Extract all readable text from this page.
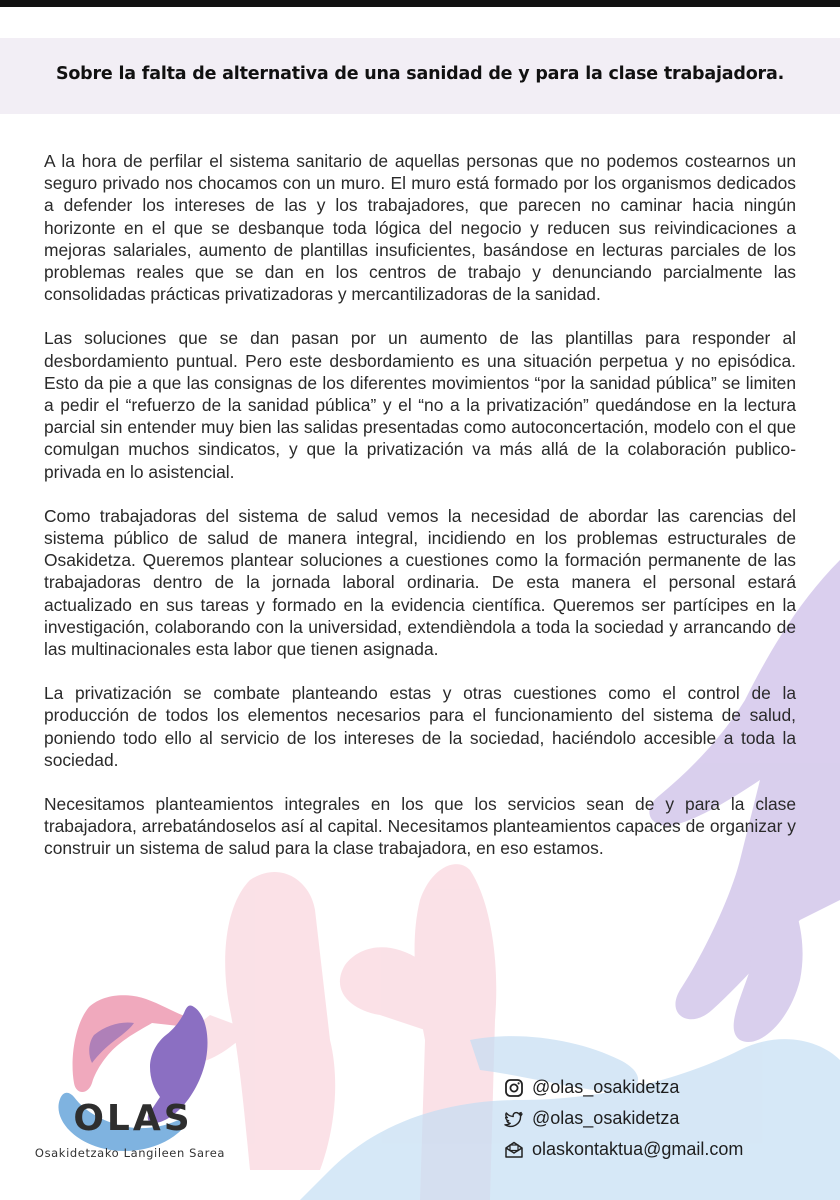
Sobre la falta de alternativa de una sanidad de y para la clase trabajadora.

A la hora de perfilar el sistema sanitario de aquellas personas que no podemos costearnos un seguro privado nos chocamos con un muro. El muro está formado por los organismos dedicados a defender los intereses de las y los trabajadores, que parecen no caminar hacia ningún horizonte en el que se desbanque toda lógica del negocio y reducen sus reivindicaciones a mejoras salariales, aumento de plantillas insuficientes, basándose en lecturas parciales de los problemas reales que se dan en los centros de trabajo y denunciando parcialmente las consolidadas prácticas privatizadoras y mercantilizadoras de la sanidad.

Las soluciones que se dan pasan por un aumento de las plantillas para responder al desbordamiento puntual. Pero este desbordamiento es una situación perpetua y no episódica. Esto da pie a que las consignas de los diferentes movimientos “por la sanidad pública” se limiten a pedir el “refuerzo de la sanidad pública” y el “no a la privatización” quedándose en la lectura parcial sin entender muy bien las salidas presentadas como autoconcertación, modelo con el que comulgan muchos sindicatos, y que la privatización va más allá de la colaboración publico-privada en lo asistencial.

Como trabajadoras del sistema de salud vemos la necesidad de abordar las carencias del sistema público de salud de manera integral, incidiendo en los problemas estructurales de Osakidetza. Queremos plantear soluciones a cuestiones como la formación permanente de las trabajadoras dentro de la jornada laboral ordinaria. De esta manera el personal estará actualizado en sus tareas y formado en la evidencia científica. Queremos ser partícipes en la investigación, colaborando con la universidad, extendièndola a toda la sociedad y arrancando de las multinacionales esta labor que tienen asignada.

La privatización se combate planteando estas y otras cuestiones como el control de la producción de todos los elementos necesarios para el funcionamiento del sistema de salud, poniendo todo ello al servicio de los intereses de la sociedad, haciéndolo accesible a toda la sociedad.

Necesitamos planteamientos integrales en los que los servicios sean de y para la clase trabajadora, arrebatándoselos así al capital. Necesitamos planteamientos capaces de organizar y construir un sistema de salud para la clase trabajadora, en eso estamos.

OLAS
Osakidetzako Langileen Sarea
@olas_osakidetza
@olas_osakidetza
olaskontaktua@gmail.com
